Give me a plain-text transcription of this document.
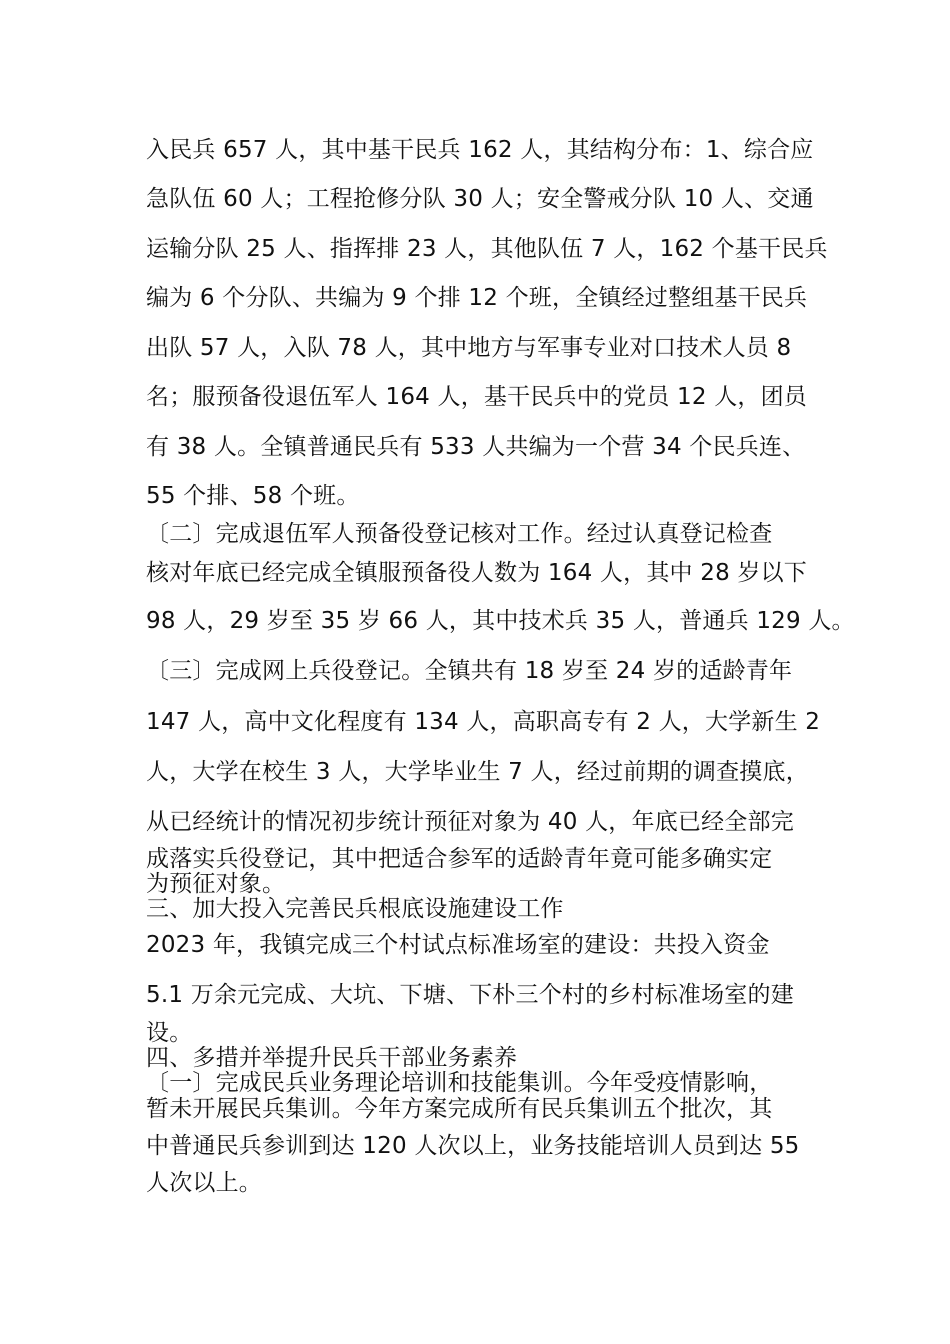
入民兵 657 人，其中基干民兵 162 人，其结构分布：1、综合应
急队伍 60 人；工程抢修分队 30 人；安全警戒分队 10 人、交通
运输分队 25 人、指挥排 23 人，其他队伍 7 人，162 个基干民兵
编为 6 个分队、共编为 9 个排 12 个班，全镇经过整组基干民兵
出队 57 人，入队 78 人，其中地方与军事专业对口技术人员 8
名；服预备役退伍军人 164 人，基干民兵中的党员 12 人，团员
有 38 人。全镇普通民兵有 533 人共编为一个营 34 个民兵连、
55 个排、58 个班。
〔二〕完成退伍军人预备役登记核对工作。经过认真登记检查
核对年底已经完成全镇服预备役人数为 164 人，其中 28 岁以下
98 人，29 岁至 35 岁 66 人，其中技术兵 35 人，普通兵 129 人。
〔三〕完成网上兵役登记。全镇共有 18 岁至 24 岁的适龄青年
147 人，高中文化程度有 134 人，高职高专有 2 人，大学新生 2
人，大学在校生 3 人，大学毕业生 7 人，经过前期的调查摸底，
从已经统计的情况初步统计预征对象为 40 人，年底已经全部完
成落实兵役登记，其中把适合参军的适龄青年竟可能多确实定
为预征对象。
三、加大投入完善民兵根底设施建设工作
2023 年，我镇完成三个村试点标准场室的建设：共投入资金
5.1 万余元完成、大坑、下塘、下朴三个村的乡村标准场室的建
设。
四、多措并举提升民兵干部业务素养
〔一〕完成民兵业务理论培训和技能集训。今年受疫情影响，
暂未开展民兵集训。今年方案完成所有民兵集训五个批次，其
中普通民兵参训到达 120 人次以上，业务技能培训人员到达 55
人次以上。
